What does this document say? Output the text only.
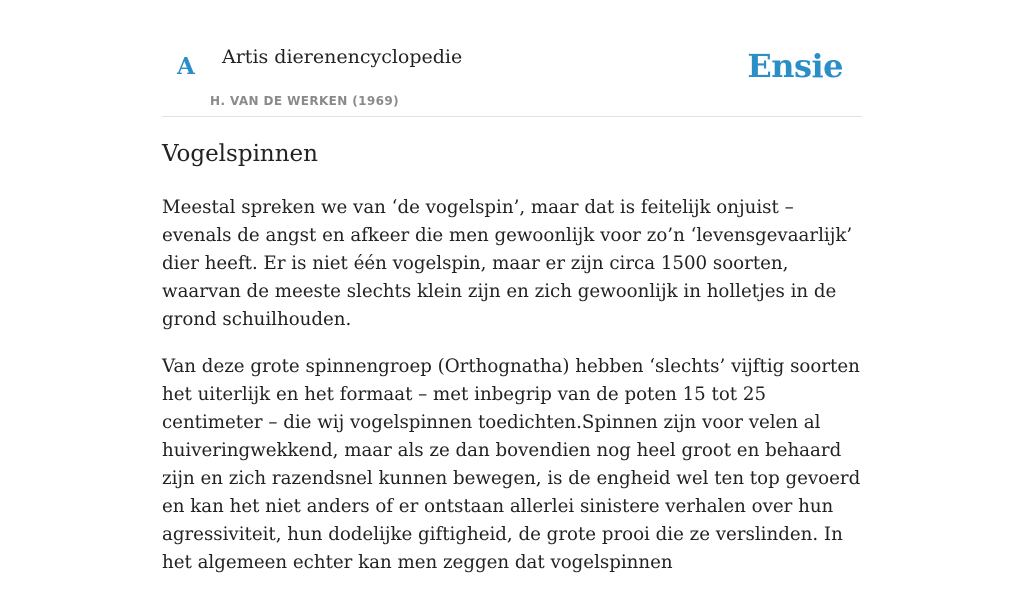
A Artis dierenencyclopedie
H. VAN DE WERKEN (1969)
Ensie
Vogelspinnen

Meestal spreken we van ‘de vogelspin’, maar dat is feitelijk onjuist – evenals de angst en afkeer die men gewoonlijk voor zo’n ‘levensgevaarlijk’ dier heeft. Er is niet één vogelspin, maar er zijn circa 1500 soorten, waarvan de meeste slechts klein zijn en zich gewoonlijk in holletjes in de grond schuilhouden.

Van deze grote spinnengroep (Orthognatha) hebben ‘slechts’ vijftig soorten het uiterlijk en het formaat – met inbegrip van de poten 15 tot 25 centimeter – die wij vogelspinnen toedichten.Spinnen zijn voor velen al huiveringwekkend, maar als ze dan bovendien nog heel groot en behaard zijn en zich razendsnel kunnen bewegen, is de engheid wel ten top gevoerd en kan het niet anders of er ontstaan allerlei sinistere verhalen over hun agressiviteit, hun dodelijke giftigheid, de grote prooi die ze verslinden. In het algemeen echter kan men zeggen dat vogelspinnen
